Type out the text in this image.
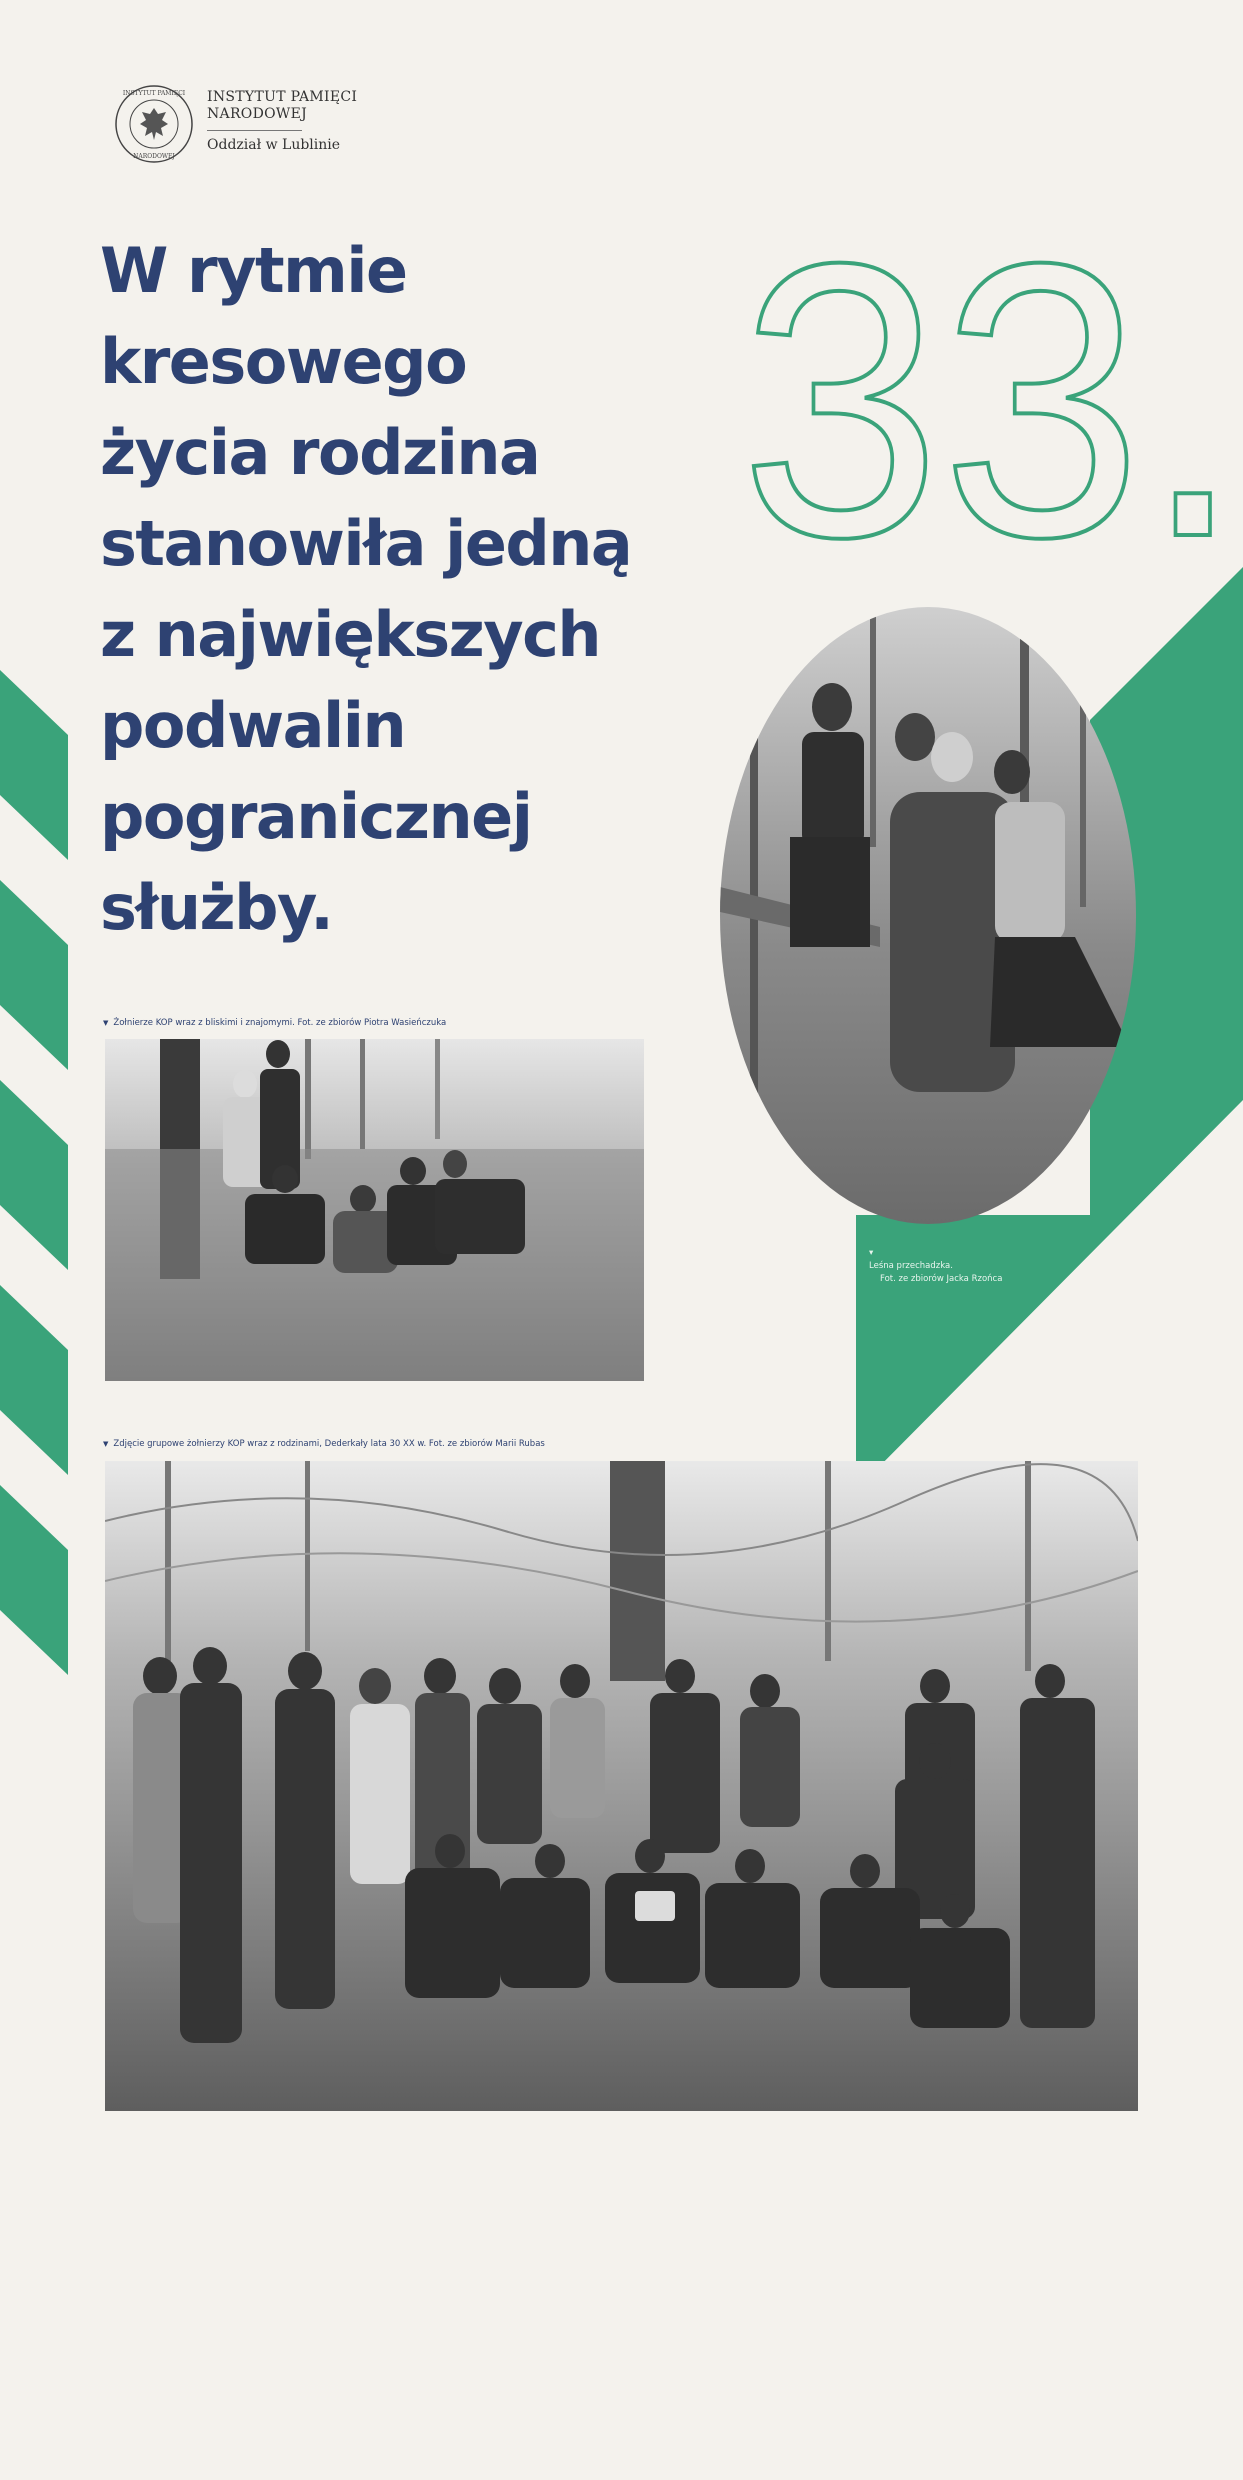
INSTYTUT PAMIĘCI
NARODOWEJ
INSTYTUT PAMIĘCI
NARODOWEJ
Oddział w Lublinie
W rytmie
kresowego
życia rodzina
stanowiła jedną
z największych
podwalin
pogranicznej
służby.
33.
▾
Leśna przechadzka.
Fot. ze zbiorów Jacka Rzońca
▼ Żołnierze KOP wraz z bliskimi i znajomymi. Fot. ze zbiorów Piotra Wasieńczuka
▼ Zdjęcie grupowe żołnierzy KOP wraz z rodzinami, Dederkały lata 30 XX w. Fot. ze zbiorów Marii Rubas
